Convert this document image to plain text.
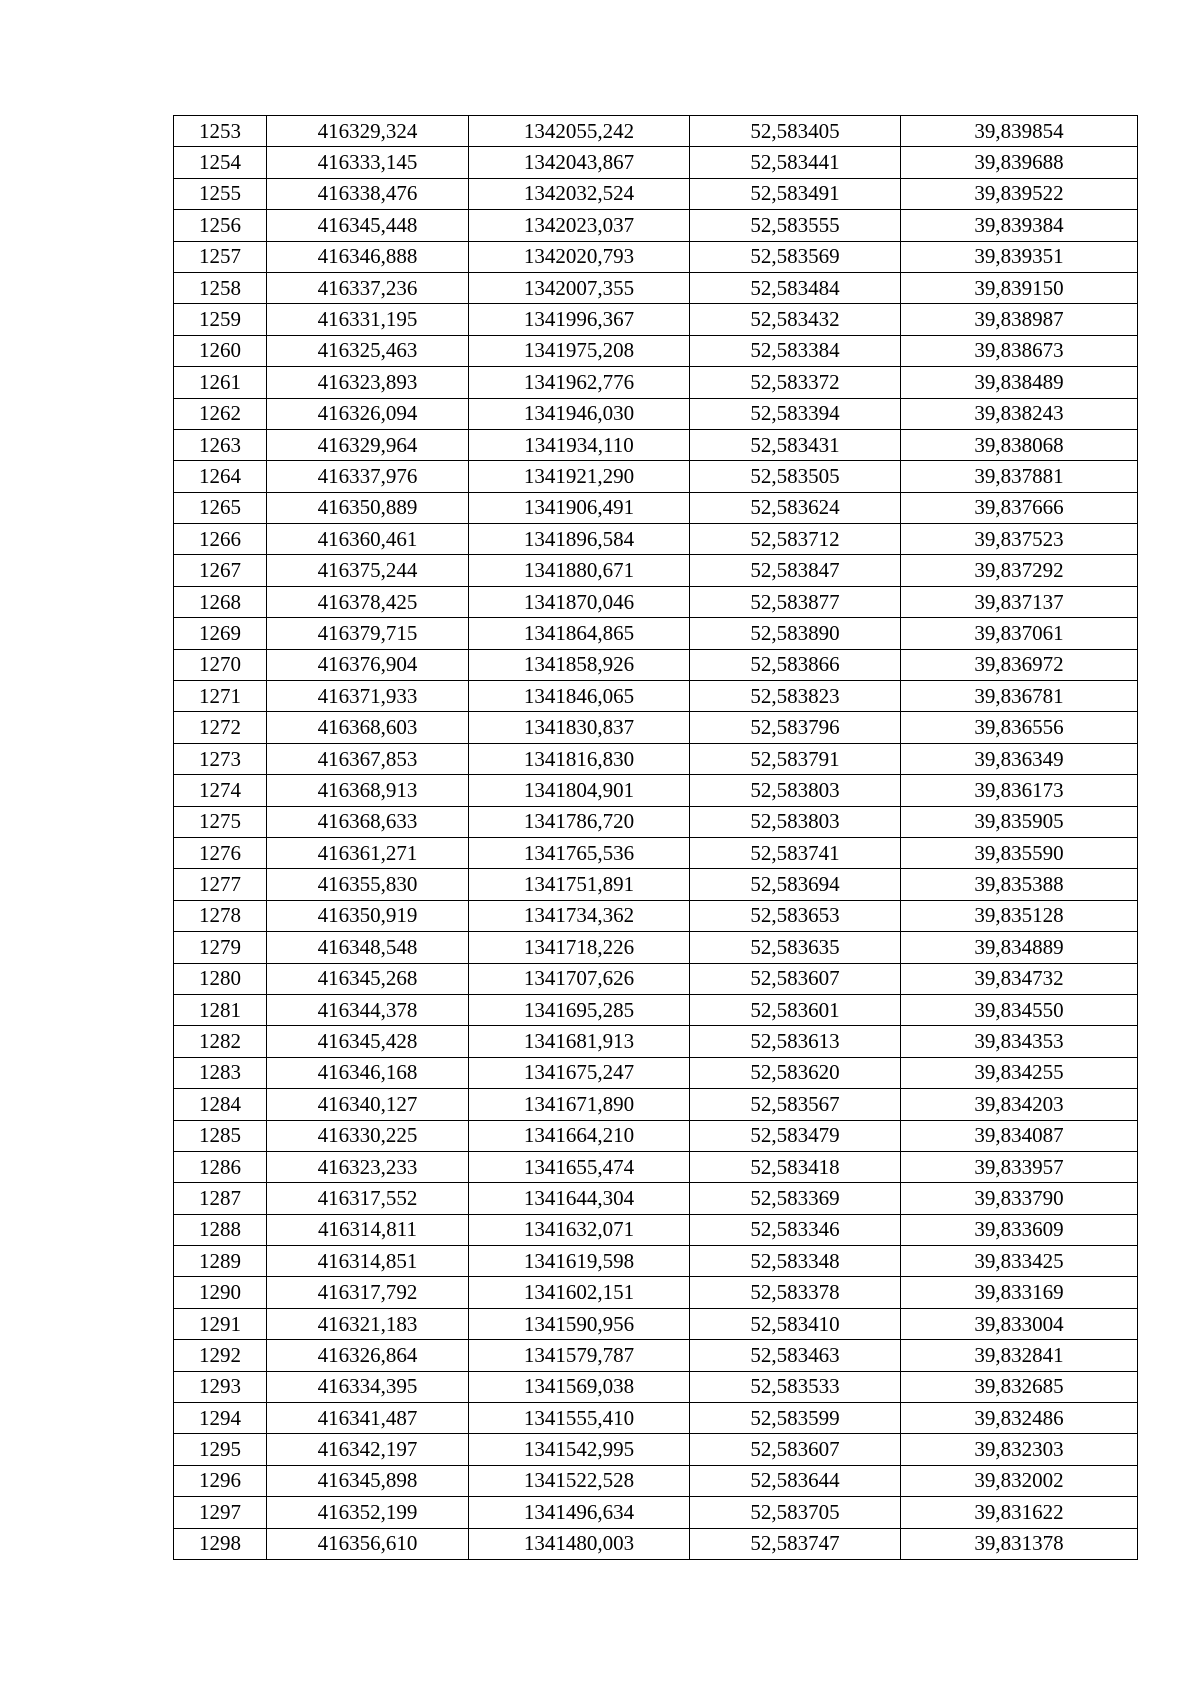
1253	416329,324	1342055,242	52,583405	39,839854
1254	416333,145	1342043,867	52,583441	39,839688
1255	416338,476	1342032,524	52,583491	39,839522
1256	416345,448	1342023,037	52,583555	39,839384
1257	416346,888	1342020,793	52,583569	39,839351
1258	416337,236	1342007,355	52,583484	39,839150
1259	416331,195	1341996,367	52,583432	39,838987
1260	416325,463	1341975,208	52,583384	39,838673
1261	416323,893	1341962,776	52,583372	39,838489
1262	416326,094	1341946,030	52,583394	39,838243
1263	416329,964	1341934,110	52,583431	39,838068
1264	416337,976	1341921,290	52,583505	39,837881
1265	416350,889	1341906,491	52,583624	39,837666
1266	416360,461	1341896,584	52,583712	39,837523
1267	416375,244	1341880,671	52,583847	39,837292
1268	416378,425	1341870,046	52,583877	39,837137
1269	416379,715	1341864,865	52,583890	39,837061
1270	416376,904	1341858,926	52,583866	39,836972
1271	416371,933	1341846,065	52,583823	39,836781
1272	416368,603	1341830,837	52,583796	39,836556
1273	416367,853	1341816,830	52,583791	39,836349
1274	416368,913	1341804,901	52,583803	39,836173
1275	416368,633	1341786,720	52,583803	39,835905
1276	416361,271	1341765,536	52,583741	39,835590
1277	416355,830	1341751,891	52,583694	39,835388
1278	416350,919	1341734,362	52,583653	39,835128
1279	416348,548	1341718,226	52,583635	39,834889
1280	416345,268	1341707,626	52,583607	39,834732
1281	416344,378	1341695,285	52,583601	39,834550
1282	416345,428	1341681,913	52,583613	39,834353
1283	416346,168	1341675,247	52,583620	39,834255
1284	416340,127	1341671,890	52,583567	39,834203
1285	416330,225	1341664,210	52,583479	39,834087
1286	416323,233	1341655,474	52,583418	39,833957
1287	416317,552	1341644,304	52,583369	39,833790
1288	416314,811	1341632,071	52,583346	39,833609
1289	416314,851	1341619,598	52,583348	39,833425
1290	416317,792	1341602,151	52,583378	39,833169
1291	416321,183	1341590,956	52,583410	39,833004
1292	416326,864	1341579,787	52,583463	39,832841
1293	416334,395	1341569,038	52,583533	39,832685
1294	416341,487	1341555,410	52,583599	39,832486
1295	416342,197	1341542,995	52,583607	39,832303
1296	416345,898	1341522,528	52,583644	39,832002
1297	416352,199	1341496,634	52,583705	39,831622
1298	416356,610	1341480,003	52,583747	39,831378
